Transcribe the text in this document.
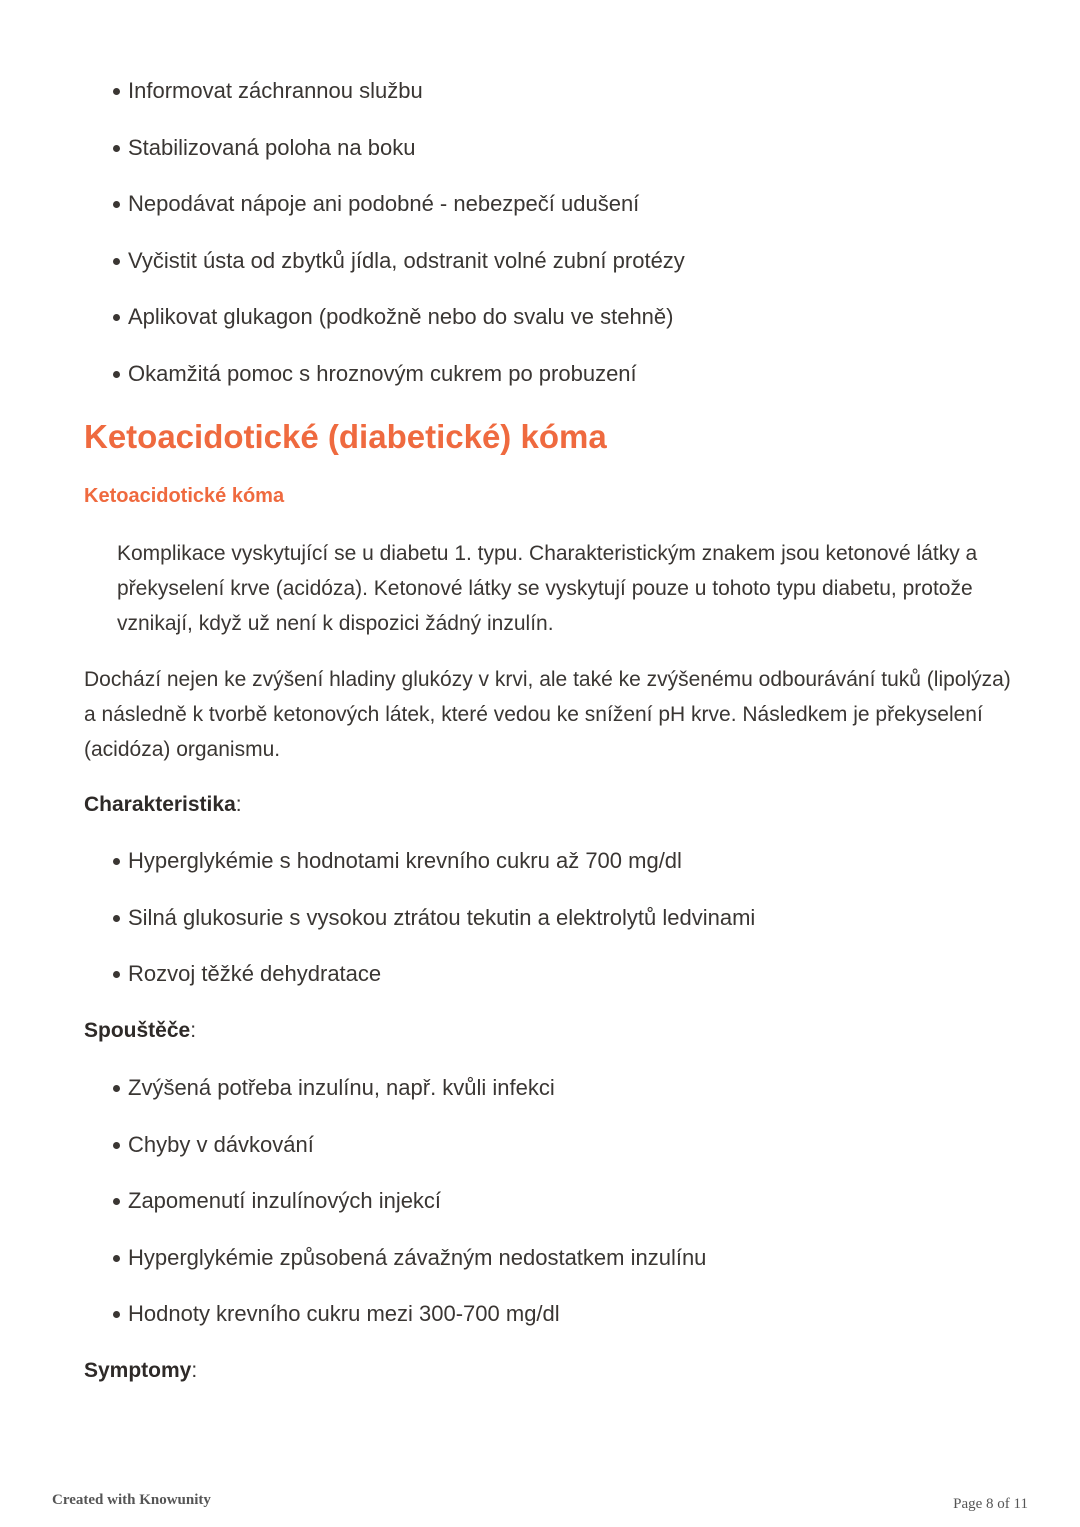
Informovat záchrannou službu
Stabilizovaná poloha na boku
Nepodávat nápoje ani podobné - nebezpečí udušení
Vyčistit ústa od zbytků jídla, odstranit volné zubní protézy
Aplikovat glukagon (podkožně nebo do svalu ve stehně)
Okamžitá pomoc s hroznovým cukrem po probuzení
Ketoacidotické (diabetické) kóma
Ketoacidotické kóma

Komplikace vyskytující se u diabetu 1. typu. Charakteristickým znakem jsou ketonové látky a překyselení krve (acidóza). Ketonové látky se vyskytují pouze u tohoto typu diabetu, protože vznikají, když už není k dispozici žádný inzulín.

Dochází nejen ke zvýšení hladiny glukózy v krvi, ale také ke zvýšenému odbourávání tuků (lipolýza) a následně k tvorbě ketonových látek, které vedou ke snížení pH krve. Následkem je překyselení (acidóza) organismu.

Charakteristika:

Hyperglykémie s hodnotami krevního cukru až 700 mg/dl
Silná glukosurie s vysokou ztrátou tekutin a elektrolytů ledvinami
Rozvoj těžké dehydratace

Spouštěče:

Zvýšená potřeba inzulínu, např. kvůli infekci
Chyby v dávkování
Zapomenutí inzulínových injekcí
Hyperglykémie způsobená závažným nedostatkem inzulínu
Hodnoty krevního cukru mezi 300-700 mg/dl

Symptomy:

Created with Knowunity	Page 8 of 11
